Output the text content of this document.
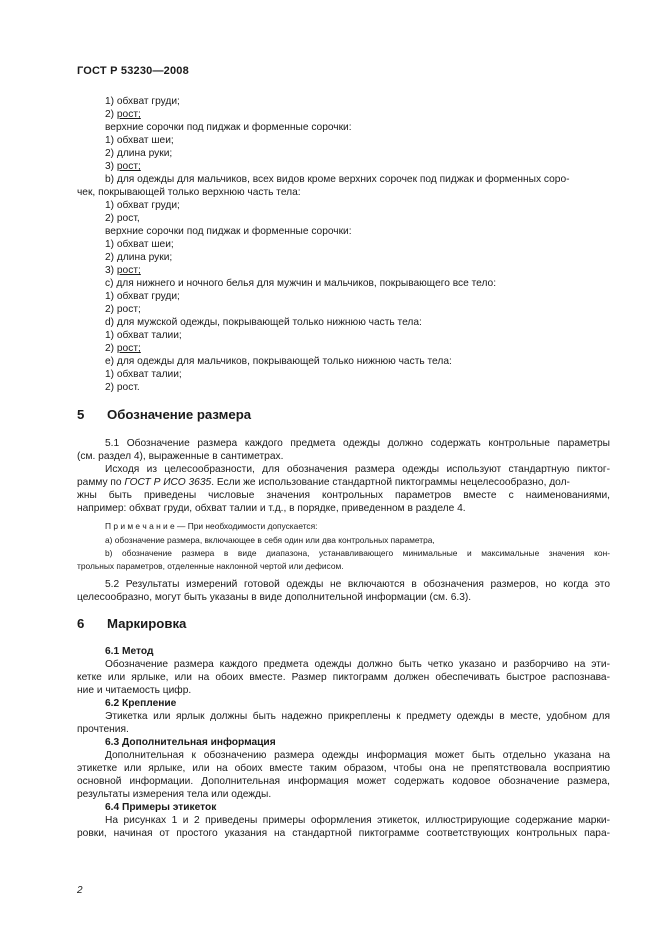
ГОСТ Р 53230—2008
1) обхват груди;
2) рост;
верхние сорочки под пиджак и форменные сорочки:
1) обхват шеи;
2) длина руки;
3) рост;
b) для одежды для мальчиков, всех видов кроме верхних сорочек под пиджак и форменных соро-
чек, покрывающей только верхнюю часть тела:
1) обхват груди;
2) рост,
верхние сорочки под пиджак и форменные сорочки:
1) обхват шеи;
2) длина руки;
3) рост;
c) для нижнего и ночного белья для мужчин и мальчиков, покрывающего все тело:
1) обхват груди;
2) рост;
d) для мужской одежды, покрывающей только нижнюю часть тела:
1) обхват талии;
2) рост;
e) для одежды для мальчиков, покрывающей только нижнюю часть тела:
1) обхват талии;
2) рост.
5 Обозначение размера
5.1 Обозначение размера каждого предмета одежды должно содержать контрольные параметры
(см. раздел 4), выраженные в сантиметрах.
Исходя из целесообразности, для обозначения размера одежды используют стандартную пиктог-
рамму по ГОСТ Р ИСО 3635. Если же использование стандартной пиктограммы нецелесообразно, дол-
жны быть приведены числовые значения контрольных параметров вместе с наименованиями,
например: обхват груди, обхват талии и т.д., в порядке, приведенном в разделе 4.
П р и м е ч а н и е — При необходимости допускается:
а) обозначение размера, включающее в себя один или два контрольных параметра,
b) обозначение размера в виде диапазона, устанавливающего минимальные и максимальные значения кон-
трольных параметров, отделенные наклонной чертой или дефисом.
5.2 Результаты измерений готовой одежды не включаются в обозначения размеров, но когда это
целесообразно, могут быть указаны в виде дополнительной информации (см. 6.3).
6 Маркировка
6.1 Метод
Обозначение размера каждого предмета одежды должно быть четко указано и разборчиво на эти-
кетке или ярлыке, или на обоих вместе. Размер пиктограмм должен обеспечивать быстрое распознава-
ние и читаемость цифр.
6.2 Крепление
Этикетка или ярлык должны быть надежно прикреплены к предмету одежды в месте, удобном для
прочтения.
6.3 Дополнительная информация
Дополнительная к обозначению размера одежды информация может быть отдельно указана на
этикетке или ярлыке, или на обоих вместе таким образом, чтобы она не препятствовала восприятию
основной информации. Дополнительная информация может содержать кодовое обозначение размера,
результаты измерения тела или одежды.
6.4 Примеры этикеток
На рисунках 1 и 2 приведены примеры оформления этикеток, иллюстрирующие содержание марки-
ровки, начиная от простого указания на стандартной пиктограмме соответствующих контрольных пара-
2
